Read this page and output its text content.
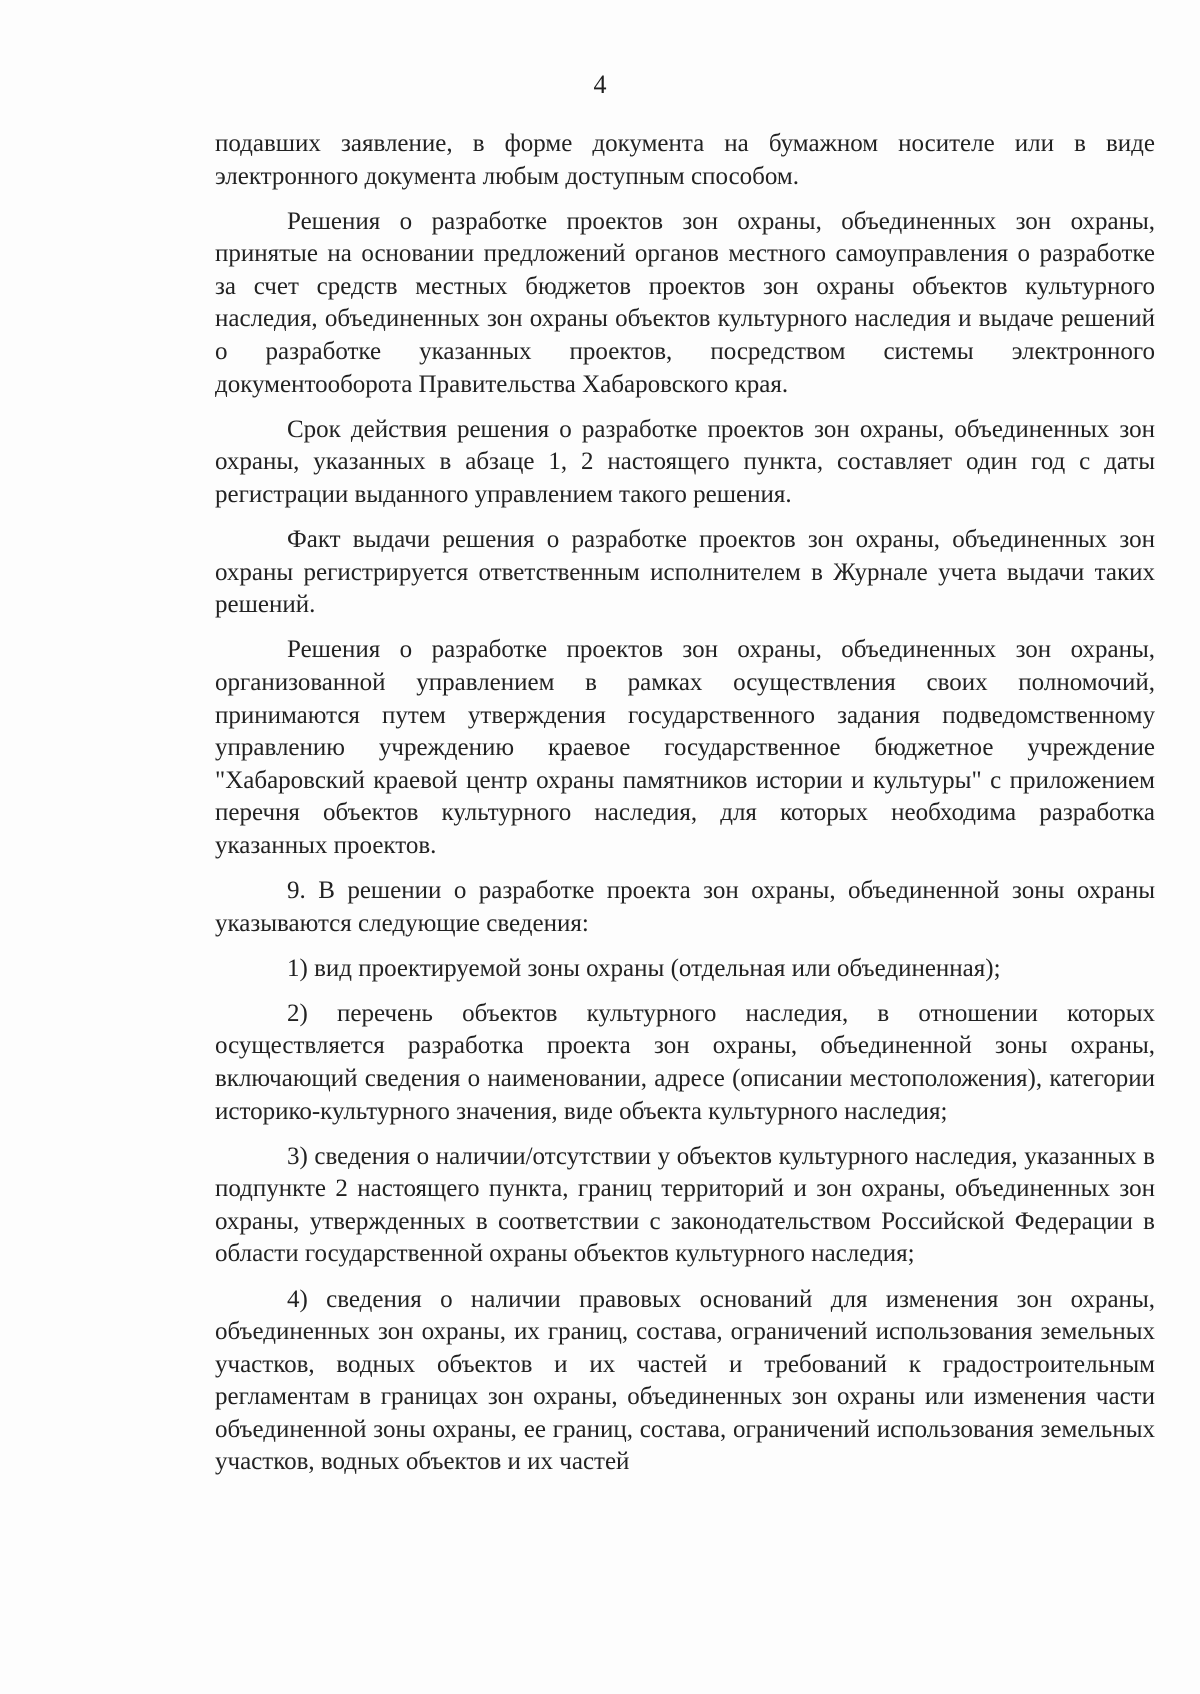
4

подавших заявление, в форме документа на бумажном носителе или в виде электронного документа любым доступным способом.

Решения о разработке проектов зон охраны, объединенных зон охраны, принятые на основании предложений органов местного самоуправления о разработке за счет средств местных бюджетов проектов зон охраны объектов культурного наследия, объединенных зон охраны объектов культурного наследия и выдаче решений о разработке указанных проектов, посредством системы электронного документооборота Правительства Хабаровского края.

Срок действия решения о разработке проектов зон охраны, объединенных зон охраны, указанных в абзаце 1, 2 настоящего пункта, составляет один год с даты регистрации выданного управлением такого решения.

Факт выдачи решения о разработке проектов зон охраны, объединенных зон охраны регистрируется ответственным исполнителем в Журнале учета выдачи таких решений.

Решения о разработке проектов зон охраны, объединенных зон охраны, организованной управлением в рамках осуществления своих полномочий, принимаются путем утверждения государственного задания подведомственному управлению учреждению краевое государственное бюджетное учреждение "Хабаровский краевой центр охраны памятников истории и культуры" с приложением перечня объектов культурного наследия, для которых необходима разработка указанных проектов.

9. В решении о разработке проекта зон охраны, объединенной зоны охраны указываются следующие сведения:

1) вид проектируемой зоны охраны (отдельная или объединенная);

2) перечень объектов культурного наследия, в отношении которых осуществляется разработка проекта зон охраны, объединенной зоны охраны, включающий сведения о наименовании, адресе (описании местоположения), категории историко-культурного значения, виде объекта культурного наследия;

3) сведения о наличии/отсутствии у объектов культурного наследия, указанных в подпункте 2 настоящего пункта, границ территорий и зон охраны, объединенных зон охраны, утвержденных в соответствии с законодательством Российской Федерации в области государственной охраны объектов культурного наследия;

4) сведения о наличии правовых оснований для изменения зон охраны, объединенных зон охраны, их границ, состава, ограничений использования земельных участков, водных объектов и их частей и требований к градостроительным регламентам в границах зон охраны, объединенных зон охраны или изменения части объединенной зоны охраны, ее границ, состава, ограничений использования земельных участков, водных объектов и их частей
